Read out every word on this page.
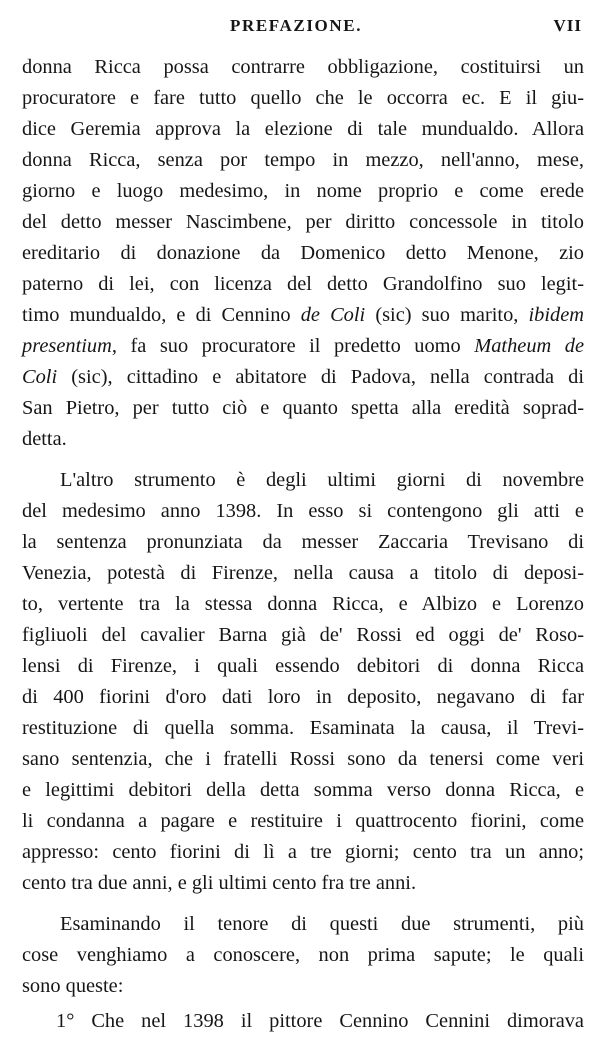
PREFAZIONE.	VII
donna Ricca possa contrarre obbligazione, costituirsi un
procuratore e fare tutto quello che le occorra ec. E il giu-
dice Geremia approva la elezione di tale mundualdo. Allora
donna Ricca, senza por tempo in mezzo, nell'anno, mese,
giorno e luogo medesimo, in nome proprio e come erede
del detto messer Nascimbene, per diritto concessole in titolo
ereditario di donazione da Domenico detto Menone, zio
paterno di lei, con licenza del detto Grandolfino suo legit-
timo mundualdo, e di Cennino de Coli (sic) suo marito, ibidem
presentium, fa suo procuratore il predetto uomo Matheum de
Coli (sic), cittadino e abitatore di Padova, nella contrada di
San Pietro, per tutto ciò e quanto spetta alla eredità soprad-
detta.
L'altro strumento è degli ultimi giorni di novembre
del medesimo anno 1398. In esso si contengono gli atti e
la sentenza pronunziata da messer Zaccaria Trevisano di
Venezia, potestà di Firenze, nella causa a titolo di deposi-
to, vertente tra la stessa donna Ricca, e Albizo e Lorenzo
figliuoli del cavalier Barna già de' Rossi ed oggi de' Roso-
lensi di Firenze, i quali essendo debitori di donna Ricca
di 400 fiorini d'oro dati loro in deposito, negavano di far
restituzione di quella somma. Esaminata la causa, il Trevi-
sano sentenzia, che i fratelli Rossi sono da tenersi come veri
e legittimi debitori della detta somma verso donna Ricca, e
li condanna a pagare e restituire i quattrocento fiorini, come
appresso: cento fiorini di lì a tre giorni; cento tra un anno;
cento tra due anni, e gli ultimi cento fra tre anni.
Esaminando il tenore di questi due strumenti, più
cose venghiamo a conoscere, non prima sapute; le quali
sono queste:
1° Che nel 1398 il pittore Cennino Cennini dimorava
